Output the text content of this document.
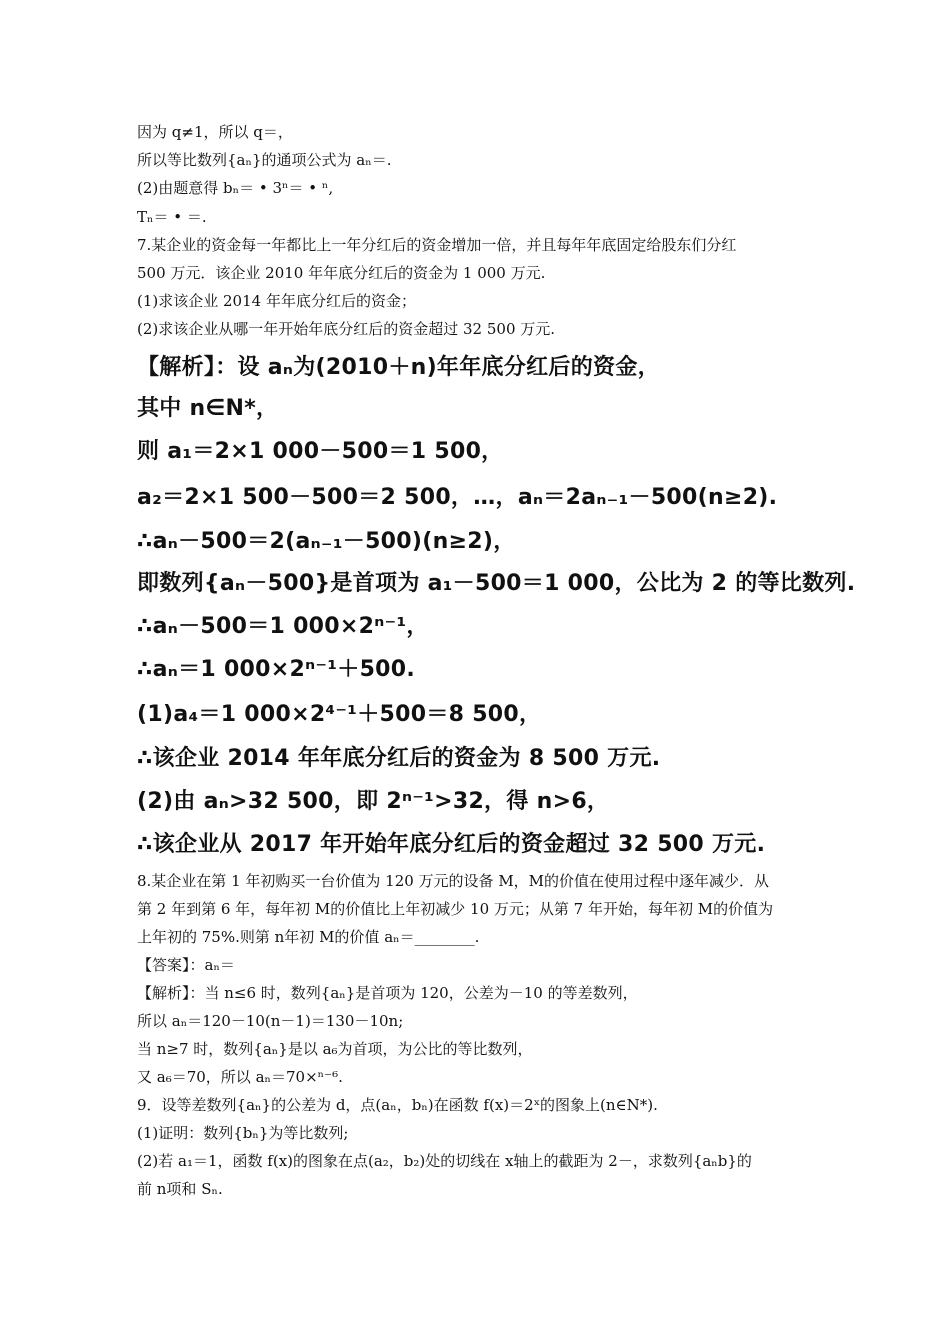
因为 q≠1，所以 q＝，
所以等比数列{aₙ}的通项公式为 aₙ＝.
(2)由题意得 bₙ＝ • 3ⁿ＝ • ⁿ,
Tₙ＝ • ＝.
7.某企业的资金每一年都比上一年分红后的资金增加一倍，并且每年年底固定给股东们分红
500 万元．该企业 2010 年年底分红后的资金为 1 000 万元.
(1)求该企业 2014 年年底分红后的资金；
(2)求该企业从哪一年开始年底分红后的资金超过 32 500 万元.
【解析】：设 aₙ为(2010＋n)年年底分红后的资金，
其中 n∈N*，
则 a₁＝2×1 000－500＝1 500，
a₂＝2×1 500－500＝2 500，…，aₙ＝2aₙ₋₁－500(n≥2).
∴aₙ－500＝2(aₙ₋₁－500)(n≥2)，
即数列{aₙ－500}是首项为 a₁－500＝1 000，公比为 2 的等比数列.
∴aₙ－500＝1 000×2ⁿ⁻¹，
∴aₙ＝1 000×2ⁿ⁻¹＋500.
(1)a₄＝1 000×2⁴⁻¹＋500＝8 500，
∴该企业 2014 年年底分红后的资金为 8 500 万元.
(2)由 aₙ>32 500，即 2ⁿ⁻¹>32，得 n>6，
∴该企业从 2017 年开始年底分红后的资金超过 32 500 万元.
8.某企业在第 1 年初购买一台价值为 120 万元的设备 M，M的价值在使用过程中逐年减少．从
第 2 年到第 6 年，每年初 M的价值比上年初减少 10 万元；从第 7 年开始，每年初 M的价值为
上年初的 75%.则第 n年初 M的价值 aₙ＝________.
【答案】：aₙ＝
【解析】：当 n≤6 时，数列{aₙ}是首项为 120，公差为－10 的等差数列，
所以 aₙ＝120－10(n－1)＝130－10n;
当 n≥7 时，数列{aₙ}是以 a₆为首项，为公比的等比数列，
又 a₆＝70，所以 aₙ＝70×ⁿ⁻⁶.
9．设等差数列{aₙ}的公差为 d，点(aₙ，bₙ)在函数 f(x)＝2ˣ的图象上(n∈N*).
(1)证明：数列{bₙ}为等比数列;
(2)若 a₁＝1，函数 f(x)的图象在点(a₂，b₂)处的切线在 x轴上的截距为 2－，求数列{aₙb}的
前 n项和 Sₙ.
